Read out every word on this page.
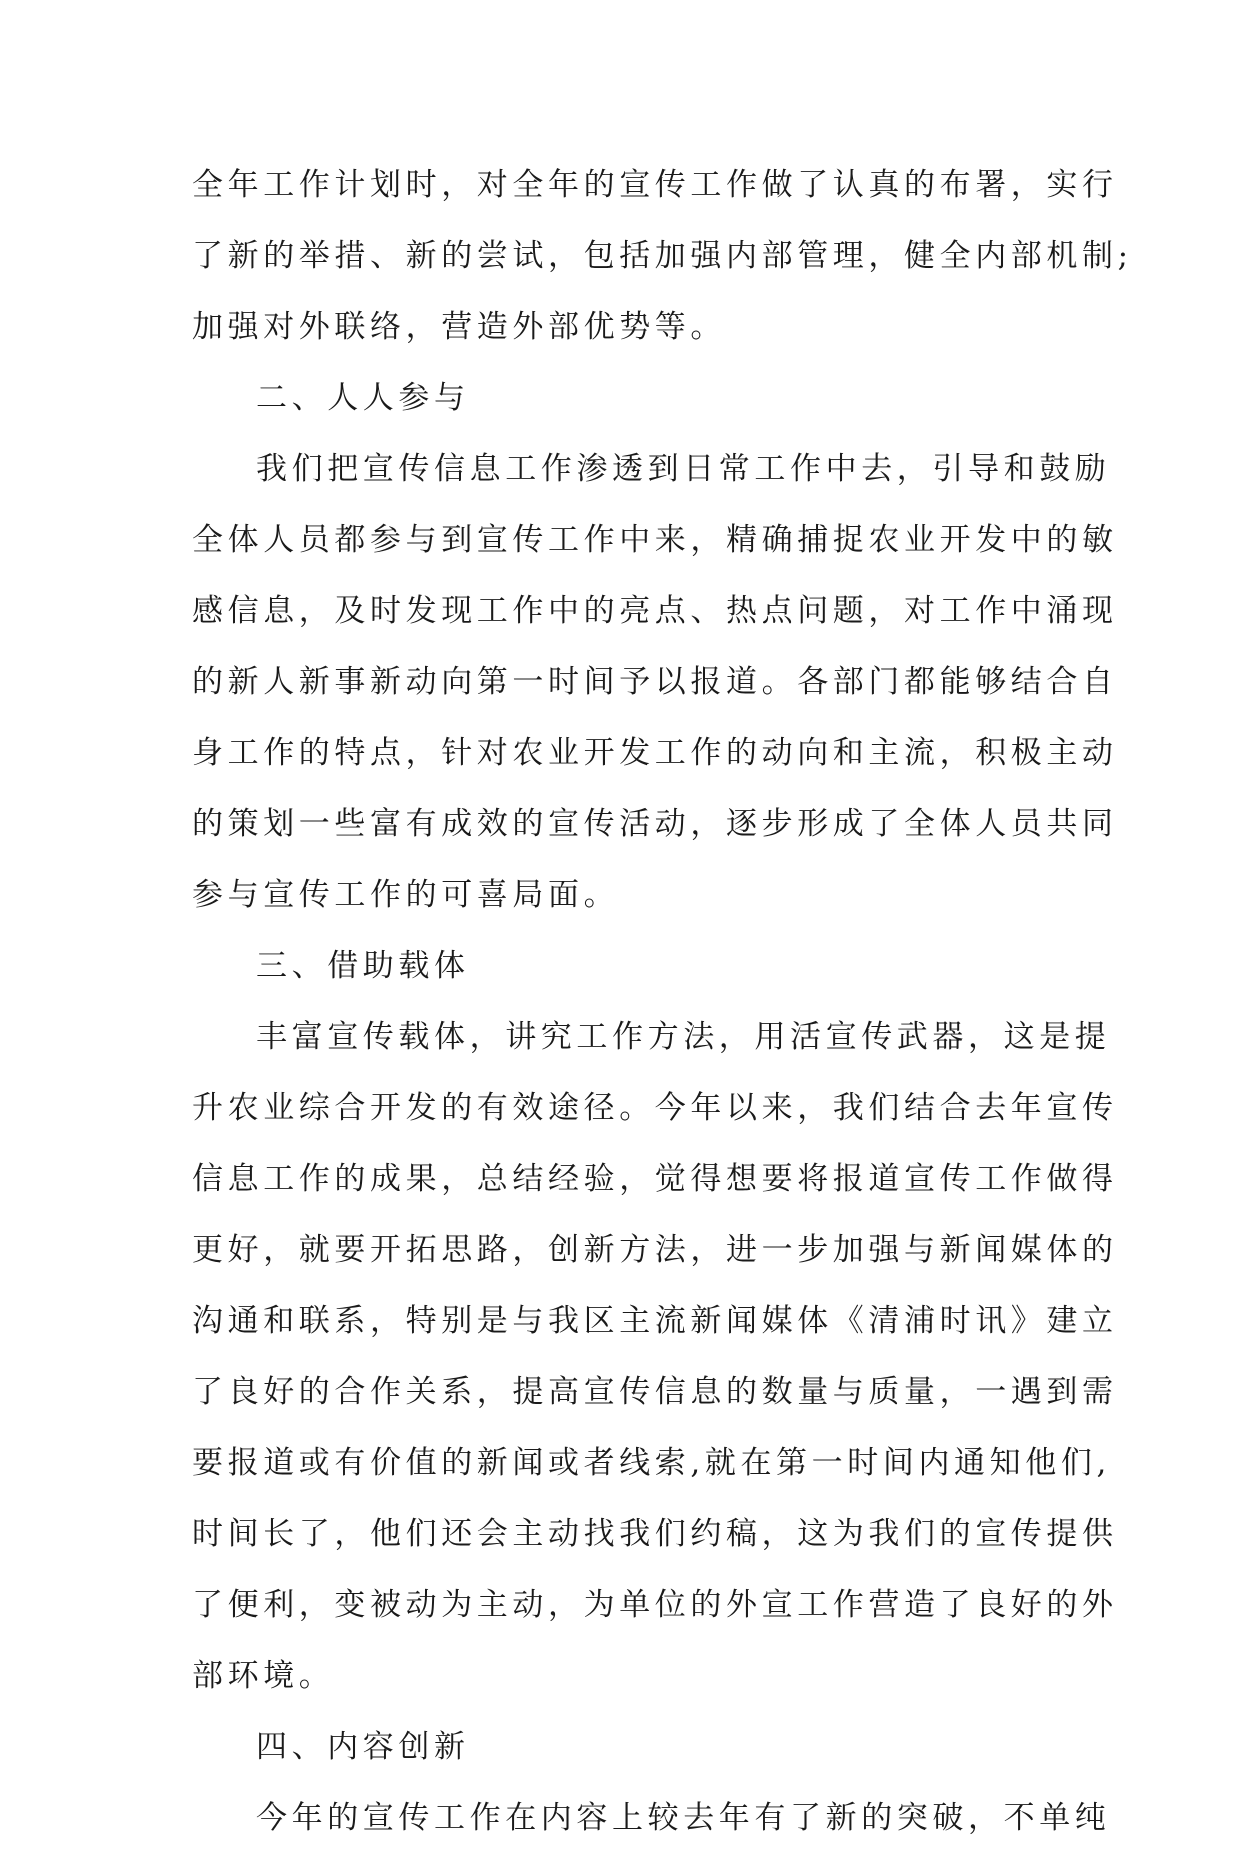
全年工作计划时，对全年的宣传工作做了认真的布署，实行
了新的举措、新的尝试，包括加强内部管理，健全内部机制;
加强对外联络，营造外部优势等。
二、人人参与
我们把宣传信息工作渗透到日常工作中去，引导和鼓励
全体人员都参与到宣传工作中来，精确捕捉农业开发中的敏
感信息，及时发现工作中的亮点、热点问题，对工作中涌现
的新人新事新动向第一时间予以报道。各部门都能够结合自
身工作的特点，针对农业开发工作的动向和主流，积极主动
的策划一些富有成效的宣传活动，逐步形成了全体人员共同
参与宣传工作的可喜局面。
三、借助载体
丰富宣传载体，讲究工作方法，用活宣传武器，这是提
升农业综合开发的有效途径。今年以来，我们结合去年宣传
信息工作的成果，总结经验，觉得想要将报道宣传工作做得
更好，就要开拓思路，创新方法，进一步加强与新闻媒体的
沟通和联系，特别是与我区主流新闻媒体《清浦时讯》建立
了良好的合作关系，提高宣传信息的数量与质量，一遇到需
要报道或有价值的新闻或者线索,就在第一时间内通知他们,
时间长了，他们还会主动找我们约稿，这为我们的宣传提供
了便利，变被动为主动，为单位的外宣工作营造了良好的外
部环境。
四、内容创新
今年的宣传工作在内容上较去年有了新的突破，不单纯
